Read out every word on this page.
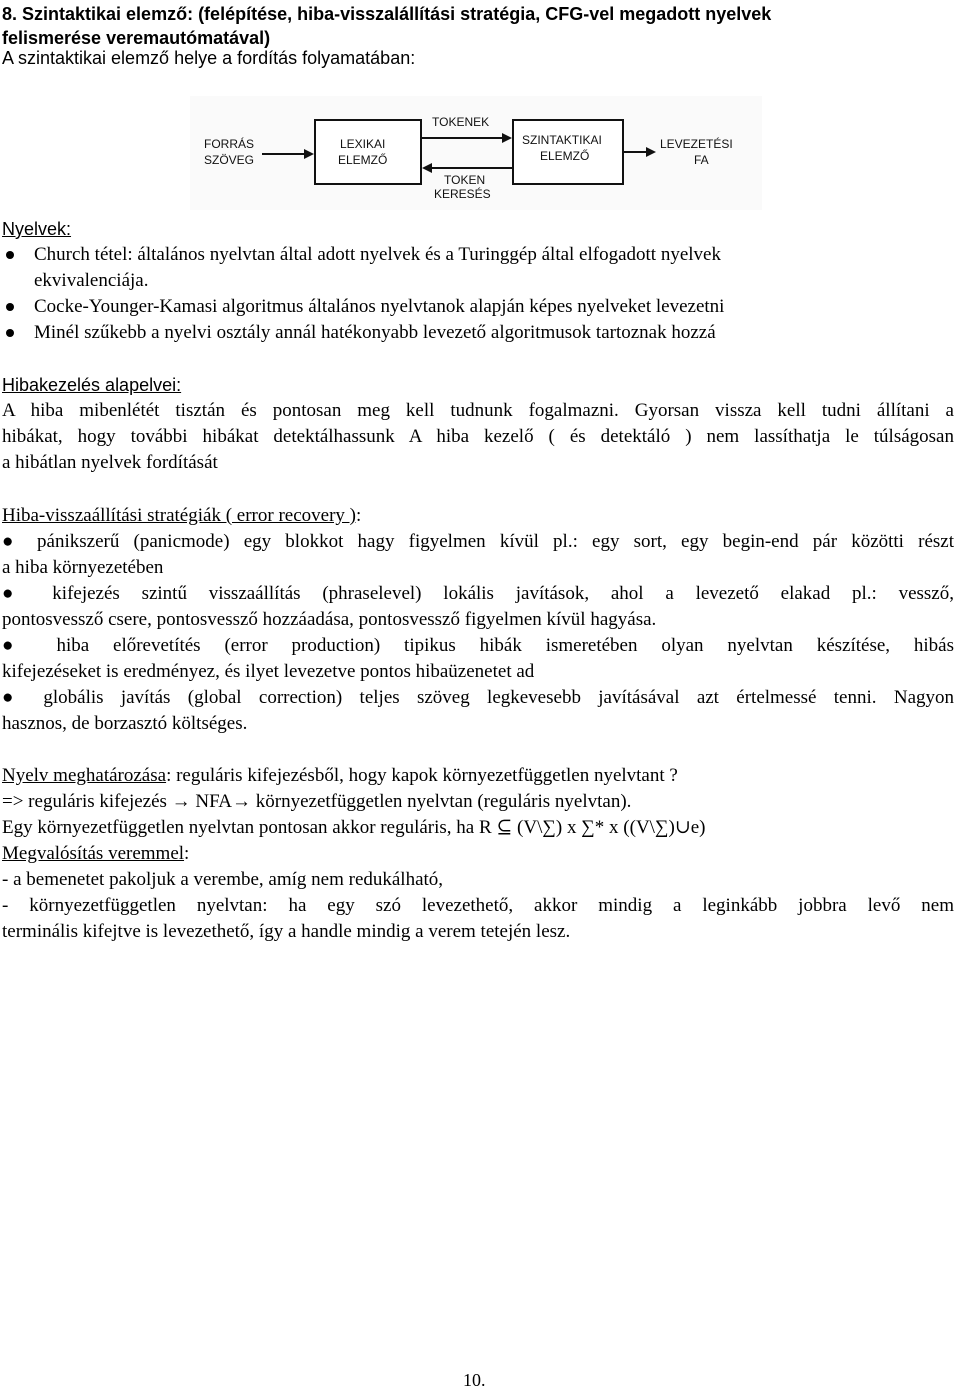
8. Szintaktikai elemző: (felépítése, hiba-visszalállítási stratégia, CFG-vel megadott nyelvek
felismerése veremautómatával)
A szintaktikai elemző helye a fordítás folyamatában:
FORRÁS
SZÖVEG
LEXIKAI
ELEMZŐ
TOKENEK
TOKEN
KERESÉS
SZINTAKTIKAI
ELEMZŐ
LEVEZETÉSI
FA
Nyelvek:
Church tétel: általános nyelvtan által adott nyelvek és a Turinggép által elfogadott nyelvek
ekvivalenciája.
Cocke-Younger-Kamasi algoritmus általános nyelvtanok alapján képes nyelveket levezetni
Minél szűkebb a nyelvi osztály annál hatékonyabb levezető algoritmusok tartoznak hozzá
Hibakezelés alapelvei:
A hiba mibenlétét tisztán és pontosan meg kell tudnunk fogalmazni. Gyorsan vissza kell tudni állítani a
hibákat, hogy további hibákat detektálhassunk A hiba kezelő ( és detektáló ) nem lassíthatja le túlságosan
a hibátlan nyelvek fordítását
Hiba-visszaállítási stratégiák ( error recovery ):
● pánikszerű (panicmode) egy blokkot hagy figyelmen kívül pl.: egy sort, egy begin-end pár közötti részt
a hiba környezetében
● kifejezés szintű visszaállítás (phraselevel) lokális javítások, ahol a levezető elakad pl.: vessző,
pontosvessző csere, pontosvessző hozzáadása, pontosvessző figyelmen kívül hagyása.
● hiba előrevetítés (error production) tipikus hibák ismeretében olyan nyelvtan készítése, hibás
kifejezéseket is eredményez, és ilyet levezetve pontos hibaüzenetet ad
● globális javítás (global correction) teljes szöveg legkevesebb javításával azt értelmessé tenni. Nagyon
hasznos, de borzasztó költséges.
Nyelv meghatározása: reguláris kifejezésből, hogy kapok környezetfüggetlen nyelvtant ?
=> reguláris kifejezés → NFA→ környezetfüggetlen nyelvtan (reguláris nyelvtan).
Egy környezetfüggetlen nyelvtan pontosan akkor reguláris, ha R ⊆ (V\∑) x ∑* x ((V\∑)∪e)
Megvalósítás veremmel:
- a bemenetet pakoljuk a verembe, amíg nem redukálható,
- környezetfüggetlen nyelvtan: ha egy szó levezethető, akkor mindig a leginkább jobbra levő nem
terminális kifejtve is levezethető, így a handle mindig a verem tetején lesz.
10.
